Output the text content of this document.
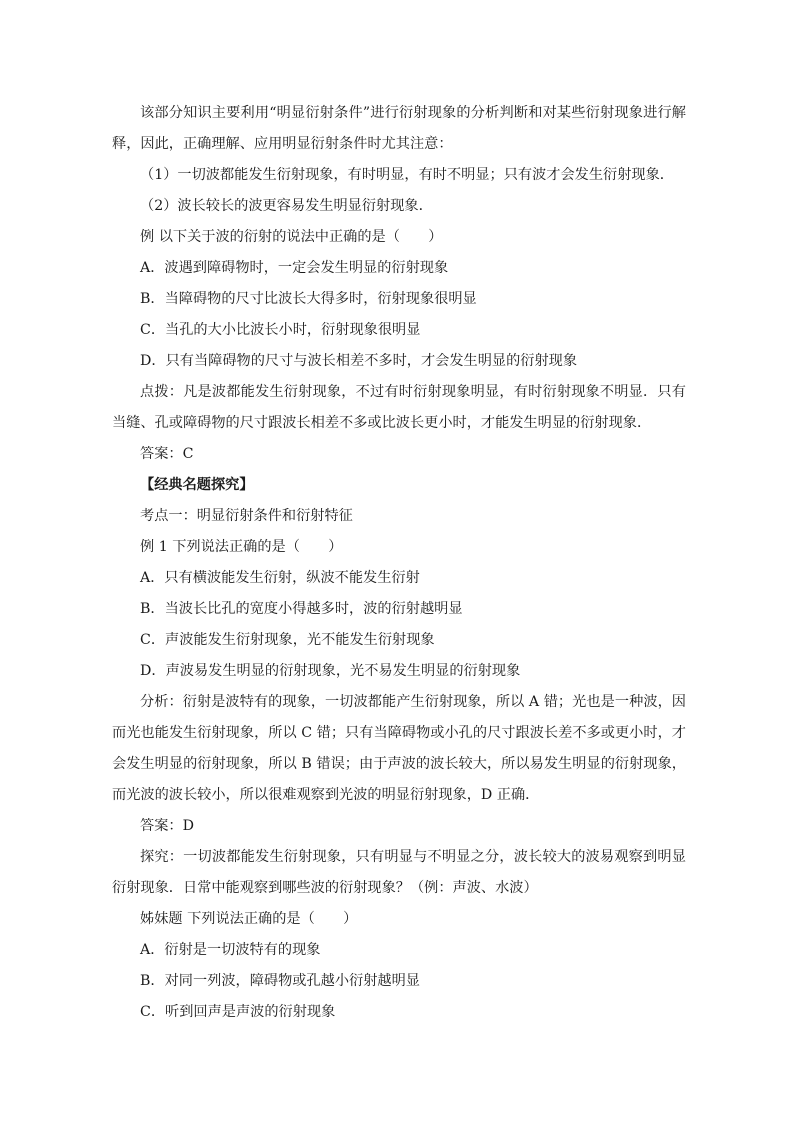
该部分知识主要利用“明显衍射条件”进行衍射现象的分析判断和对某些衍射现象进行解释，因此，正确理解、应用明显衍射条件时尤其注意：

（1）一切波都能发生衍射现象，有时明显，有时不明显；只有波才会发生衍射现象．

（2）波长较长的波更容易发生明显衍射现象．

例 以下关于波的衍射的说法中正确的是（　　）

A．波遇到障碍物时，一定会发生明显的衍射现象

B．当障碍物的尺寸比波长大得多时，衍射现象很明显

C．当孔的大小比波长小时，衍射现象很明显

D．只有当障碍物的尺寸与波长相差不多时，才会发生明显的衍射现象

点拨：凡是波都能发生衍射现象，不过有时衍射现象明显，有时衍射现象不明显．只有当缝、孔或障碍物的尺寸跟波长相差不多或比波长更小时，才能发生明显的衍射现象．

答案：C

【经典名题探究】

考点一：明显衍射条件和衍射特征

例 1 下列说法正确的是（　　）

A．只有横波能发生衍射，纵波不能发生衍射

B．当波长比孔的宽度小得越多时，波的衍射越明显

C．声波能发生衍射现象，光不能发生衍射现象

D．声波易发生明显的衍射现象，光不易发生明显的衍射现象

分析：衍射是波特有的现象，一切波都能产生衍射现象，所以 A 错；光也是一种波，因而光也能发生衍射现象，所以 C 错；只有当障碍物或小孔的尺寸跟波长差不多或更小时，才会发生明显的衍射现象，所以 B 错误；由于声波的波长较大，所以易发生明显的衍射现象，而光波的波长较小，所以很难观察到光波的明显衍射现象，D 正确．

答案：D

探究：一切波都能发生衍射现象，只有明显与不明显之分，波长较大的波易观察到明显衍射现象．日常中能观察到哪些波的衍射现象？（例：声波、水波）

姊妹题 下列说法正确的是（　　）

A．衍射是一切波特有的现象

B．对同一列波，障碍物或孔越小衍射越明显

C．听到回声是声波的衍射现象
